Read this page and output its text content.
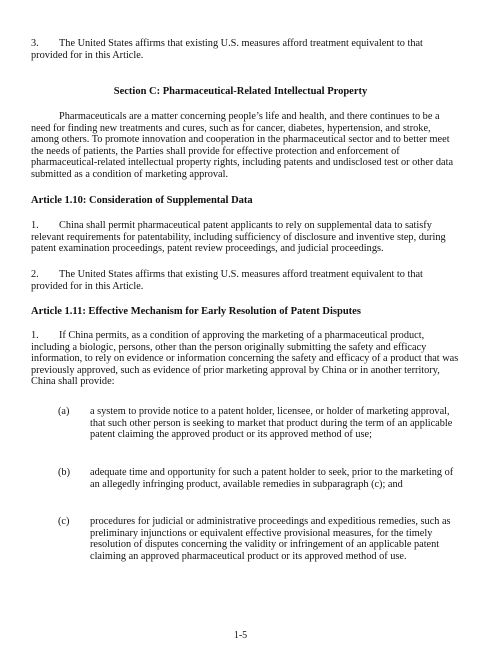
3. The United States affirms that existing U.S. measures afford treatment equivalent to that provided for in this Article.

Section C: Pharmaceutical-Related Intellectual Property

Pharmaceuticals are a matter concerning people’s life and health, and there continues to be a need for finding new treatments and cures, such as for cancer, diabetes, hypertension, and stroke, among others. To promote innovation and cooperation in the pharmaceutical sector and to better meet the needs of patients, the Parties shall provide for effective protection and enforcement of pharmaceutical-related intellectual property rights, including patents and undisclosed test or other data submitted as a condition of marketing approval.

Article 1.10: Consideration of Supplemental Data

1. China shall permit pharmaceutical patent applicants to rely on supplemental data to satisfy relevant requirements for patentability, including sufficiency of disclosure and inventive step, during patent examination proceedings, patent review proceedings, and judicial proceedings.

2. The United States affirms that existing U.S. measures afford treatment equivalent to that provided for in this Article.

Article 1.11: Effective Mechanism for Early Resolution of Patent Disputes

1. If China permits, as a condition of approving the marketing of a pharmaceutical product, including a biologic, persons, other than the person originally submitting the safety and efficacy information, to rely on evidence or information concerning the safety and efficacy of a product that was previously approved, such as evidence of prior marketing approval by China or in another territory, China shall provide:

(a) a system to provide notice to a patent holder, licensee, or holder of marketing approval, that such other person is seeking to market that product during the term of an applicable patent claiming the approved product or its approved method of use;
(b) adequate time and opportunity for such a patent holder to seek, prior to the marketing of an allegedly infringing product, available remedies in subparagraph (c); and
(c) procedures for judicial or administrative proceedings and expeditious remedies, such as preliminary injunctions or equivalent effective provisional measures, for the timely resolution of disputes concerning the validity or infringement of an applicable patent claiming an approved pharmaceutical product or its approved method of use.
1-5
